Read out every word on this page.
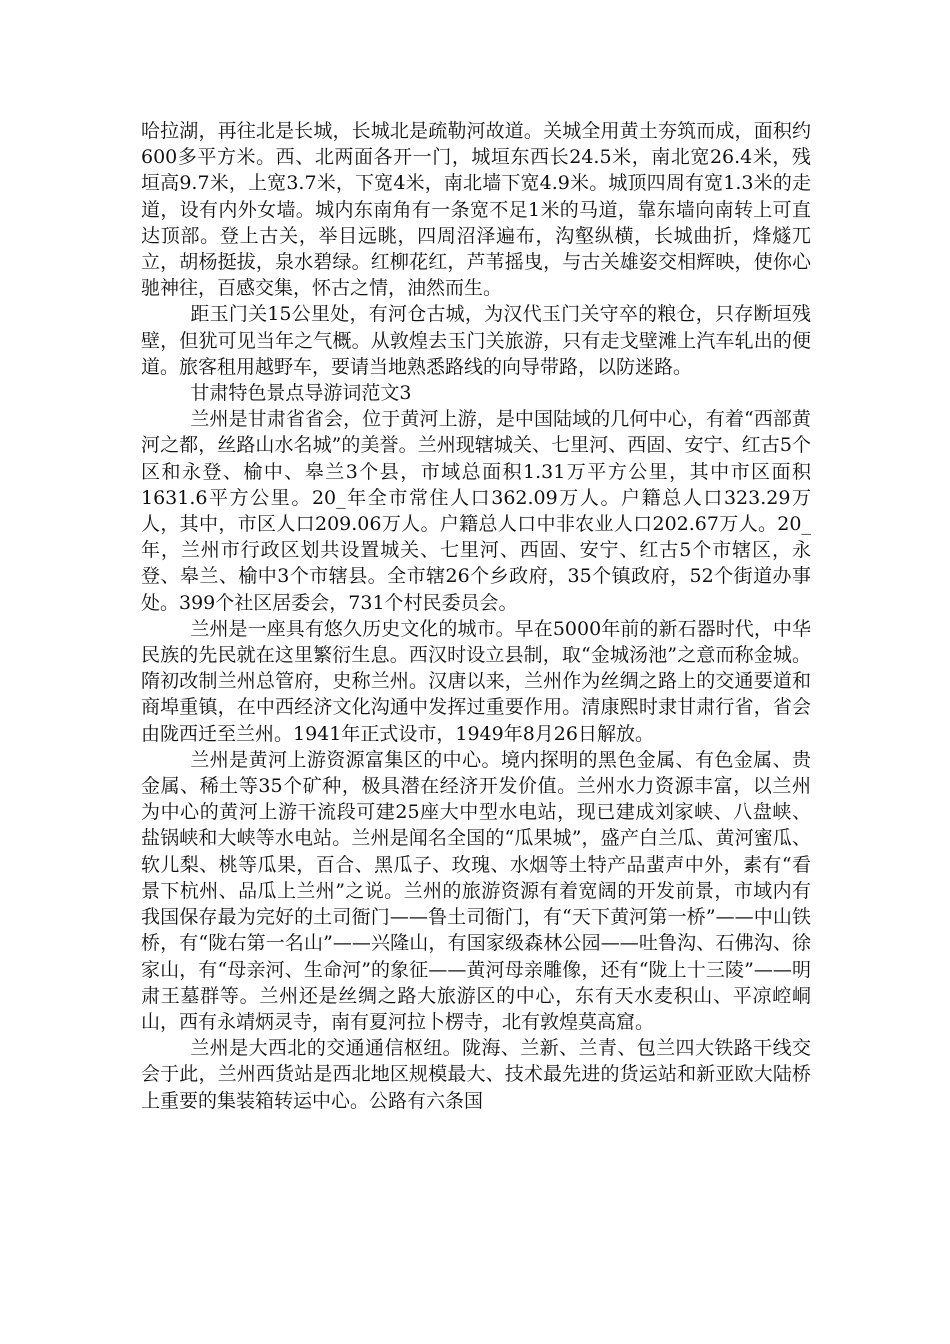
哈拉湖，再往北是长城，长城北是疏勒河故道。关城全用黄土夯筑而成，面积约600多平方米。西、北两面各开一门，城垣东西长24.5米，南北宽26.4米，残垣高9.7米，上宽3.7米，下宽4米，南北墙下宽4.9米。城顶四周有宽1.3米的走道，设有内外女墙。城内东南角有一条宽不足1米的马道，靠东墙向南转上可直达顶部。登上古关，举目远眺，四周沼泽遍布，沟壑纵横，长城曲折，烽燧兀立，胡杨挺拔，泉水碧绿。红柳花红，芦苇摇曳，与古关雄姿交相辉映，使你心驰神往，百感交集，怀古之情，油然而生。

距玉门关15公里处，有河仓古城，为汉代玉门关守卒的粮仓，只存断垣残壁，但犹可见当年之气概。从敦煌去玉门关旅游，只有走戈壁滩上汽车轧出的便道。旅客租用越野车，要请当地熟悉路线的向导带路，以防迷路。

甘肃特色景点导游词范文3

兰州是甘肃省省会，位于黄河上游，是中国陆域的几何中心，有着“西部黄河之都，丝路山水名城”的美誉。兰州现辖城关、七里河、西固、安宁、红古5个区和永登、榆中、皋兰3个县，市域总面积1.31万平方公里，其中市区面积1631.6平方公里。20_年全市常住人口362.09万人。户籍总人口323.29万人，其中，市区人口209.06万人。户籍总人口中非农业人口202.67万人。20_年，兰州市行政区划共设置城关、七里河、西固、安宁、红古5个市辖区，永登、皋兰、榆中3个市辖县。全市辖26个乡政府，35个镇政府，52个街道办事处。399个社区居委会，731个村民委员会。

兰州是一座具有悠久历史文化的城市。早在5000年前的新石器时代，中华民族的先民就在这里繁衍生息。西汉时设立县制，取“金城汤池”之意而称金城。隋初改制兰州总管府，史称兰州。汉唐以来，兰州作为丝绸之路上的交通要道和商埠重镇，在中西经济文化沟通中发挥过重要作用。清康熙时隶甘肃行省，省会由陇西迁至兰州。1941年正式设市，1949年8月26日解放。

兰州是黄河上游资源富集区的中心。境内探明的黑色金属、有色金属、贵金属、稀土等35个矿种，极具潜在经济开发价值。兰州水力资源丰富，以兰州为中心的黄河上游干流段可建25座大中型水电站，现已建成刘家峡、八盘峡、盐锅峡和大峡等水电站。兰州是闻名全国的“瓜果城”，盛产白兰瓜、黄河蜜瓜、软儿梨、桃等瓜果，百合、黑瓜子、玫瑰、水烟等土特产品蜚声中外，素有“看景下杭州、品瓜上兰州”之说。兰州的旅游资源有着宽阔的开发前景，市域内有我国保存最为完好的土司衙门——鲁土司衙门，有“天下黄河第一桥”——中山铁桥，有“陇右第一名山”——兴隆山，有国家级森林公园——吐鲁沟、石佛沟、徐家山，有“母亲河、生命河”的象征——黄河母亲雕像，还有“陇上十三陵”——明肃王墓群等。兰州还是丝绸之路大旅游区的中心，东有天水麦积山、平凉崆峒山，西有永靖炳灵寺，南有夏河拉卜楞寺，北有敦煌莫高窟。

兰州是大西北的交通通信枢纽。陇海、兰新、兰青、包兰四大铁路干线交会于此，兰州西货站是西北地区规模最大、技术最先进的货运站和新亚欧大陆桥上重要的集装箱转运中心。公路有六条国
